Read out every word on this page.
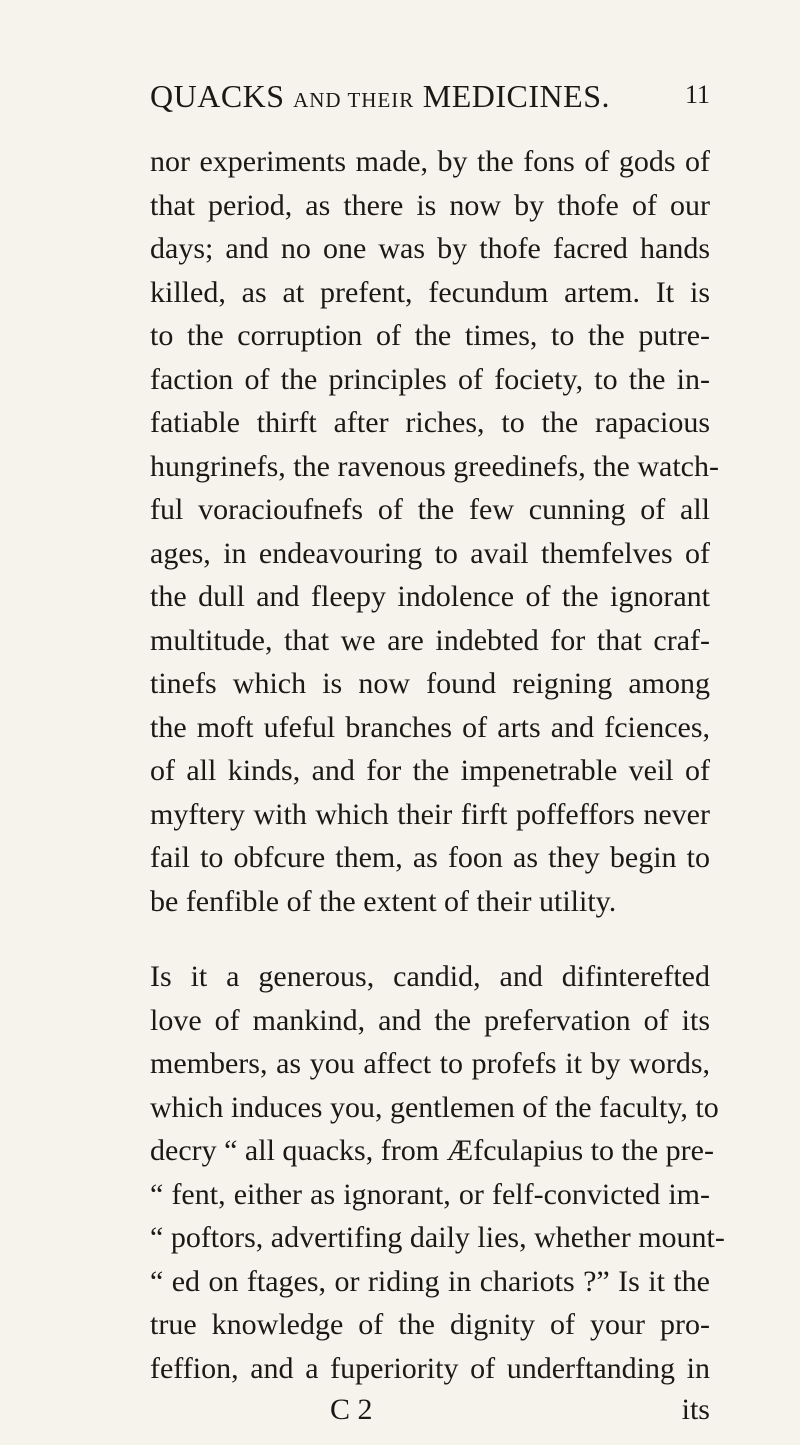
QUACKS AND THEIR MEDICINES.	11
nor experiments made, by the fons of gods of
that period, as there is now by thofe of our
days; and no one was by thofe facred hands
killed, as at prefent, fecundum artem. It is
to the corruption of the times, to the putre-
faction of the principles of fociety, to the in-
fatiable thirft after riches, to the rapacious
hungrinefs, the ravenous greedinefs, the watch-
ful voracioufnefs of the few cunning of all
ages, in endeavouring to avail themfelves of
the dull and fleepy indolence of the ignorant
multitude, that we are indebted for that craf-
tinefs which is now found reigning among
the moft ufeful branches of arts and fciences,
of all kinds, and for the impenetrable veil of
myftery with which their firft poffeffors never
fail to obfcure them, as foon as they begin to
be fenfible of the extent of their utility.
Is it a generous, candid, and difinterefted
love of mankind, and the prefervation of its
members, as you affect to profefs it by words,
which induces you, gentlemen of the faculty, to
decry “ all quacks, from Æfculapius to the pre-
“ fent, either as ignorant, or felf-convicted im-
“ poftors, advertifing daily lies, whether mount-
“ ed on ftages, or riding in chariots ?” Is it the
true knowledge of the dignity of your pro-
feffion, and a fuperiority of underftanding in
C 2	its
